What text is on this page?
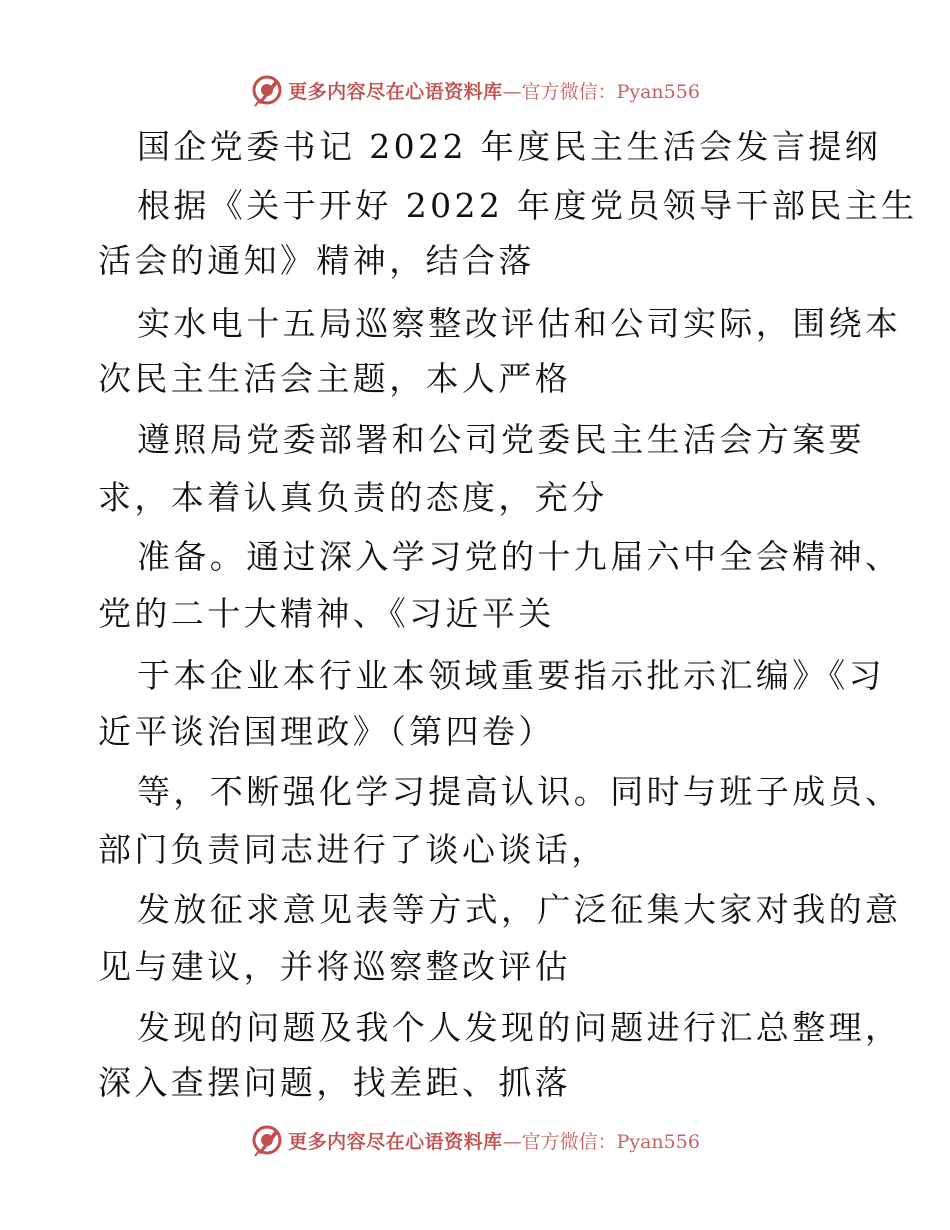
更多内容尽在心语资料库 —官方微信：Pyan556
国企党委书记 2022 年度民主生活会发言提纲
根据《关于开好 2022 年度党员领导干部民主生
活会的通知》精神，结合落
实水电十五局巡察整改评估和公司实际，围绕本
次民主生活会主题，本人严格
遵照局党委部署和公司党委民主生活会方案要
求，本着认真负责的态度，充分
准备。通过深入学习党的十九届六中全会精神、
党的二十大精神、《习近平关
于本企业本行业本领域重要指示批示汇编》《习
近平谈治国理政》（第四卷）
等，不断强化学习提高认识。同时与班子成员、
部门负责同志进行了谈心谈话，
发放征求意见表等方式，广泛征集大家对我的意
见与建议，并将巡察整改评估
发现的问题及我个人发现的问题进行汇总整理，
深入查摆问题，找差距、抓落
更多内容尽在心语资料库 —官方微信：Pyan556
